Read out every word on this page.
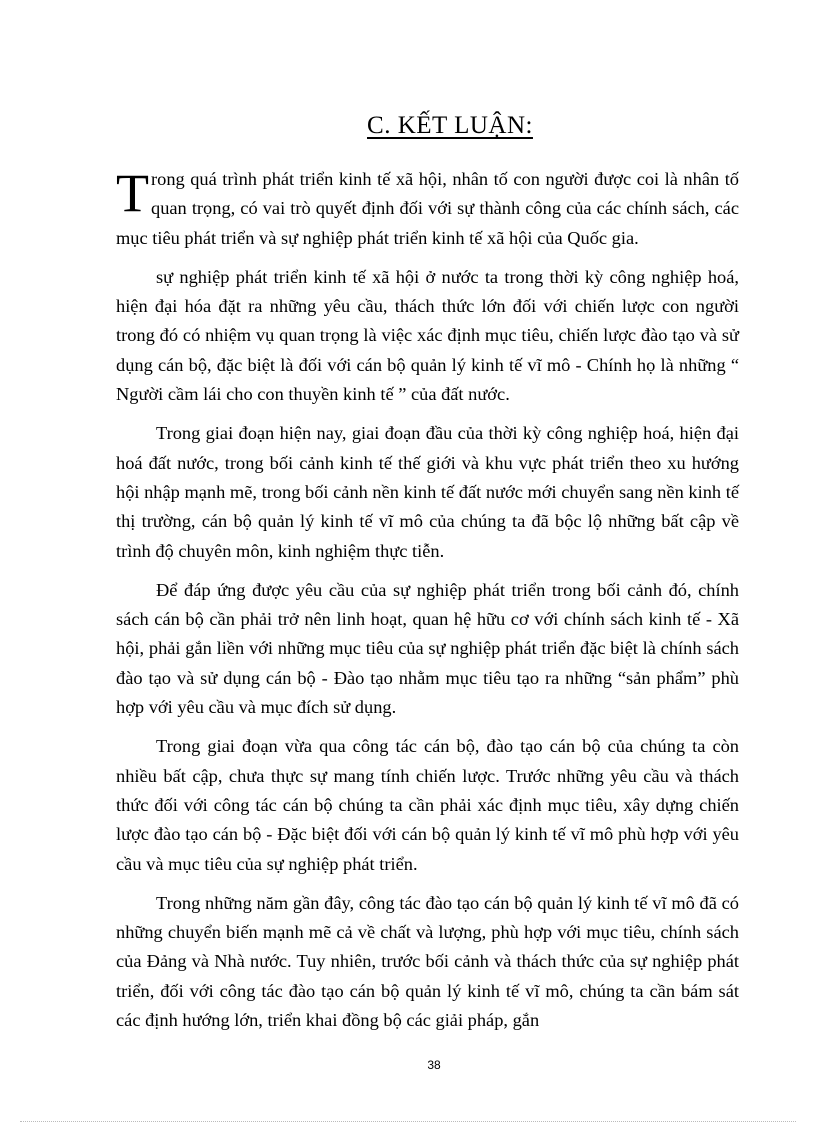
C. KẾT LUẬN:

Trong quá trình phát triển kinh tế xã hội, nhân tố con người được coi là nhân tố quan trọng, có vai trò quyết định đối với sự thành công của các chính sách, các mục tiêu phát triển và sự nghiệp phát triển kinh tế xã hội của Quốc gia.

sự nghiệp phát triển kinh tế xã hội ở nước ta trong thời kỳ công nghiệp hoá, hiện đại hóa đặt ra những yêu cầu, thách thức lớn đối với chiến lược con người trong đó có nhiệm vụ quan trọng là việc xác định mục tiêu, chiến lược đào tạo và sử dụng cán bộ, đặc biệt là đối với cán bộ quản lý kinh tế vĩ mô - Chính họ là những “ Người cầm lái cho con thuyền kinh tế ” của đất nước.

Trong giai đoạn hiện nay, giai đoạn đầu của thời kỳ công nghiệp hoá, hiện đại hoá đất nước, trong bối cảnh kinh tế thế giới và khu vực phát triển theo xu hướng hội nhập mạnh mẽ, trong bối cảnh nền kinh tế đất nước mới chuyển sang nền kinh tế thị trường, cán bộ quản lý kinh tế vĩ mô của chúng ta đã bộc lộ những bất cập về trình độ chuyên môn, kinh nghiệm thực tiễn.

Để đáp ứng được yêu cầu của sự nghiệp phát triển trong bối cảnh đó, chính sách cán bộ cần phải trở nên linh hoạt, quan hệ hữu cơ với chính sách kinh tế - Xã hội, phải gắn liền với những mục tiêu của sự nghiệp phát triển đặc biệt là chính sách đào tạo và sử dụng cán bộ - Đào tạo nhằm mục tiêu tạo ra những “sản phẩm” phù hợp với yêu cầu và mục đích sử dụng.

Trong giai đoạn vừa qua công tác cán bộ, đào tạo cán bộ của chúng ta còn nhiều bất cập, chưa thực sự mang tính chiến lược. Trước những yêu cầu và thách thức đối với công tác cán bộ chúng ta cần phải xác định mục tiêu, xây dựng chiến lược đào tạo cán bộ - Đặc biệt đối với cán bộ quản lý kinh tế vĩ mô phù hợp với yêu cầu và mục tiêu của sự nghiệp phát triển.

Trong những năm gần đây, công tác đào tạo cán bộ quản lý kinh tế vĩ mô đã có những chuyển biến mạnh mẽ cả về chất và lượng, phù hợp với mục tiêu, chính sách của Đảng và Nhà nước. Tuy nhiên, trước bối cảnh và thách thức của sự nghiệp phát triển, đối với công tác đào tạo cán bộ quản lý kinh tế vĩ mô, chúng ta cần bám sát các định hướng lớn, triển khai đồng bộ các giải pháp, gắn

38
